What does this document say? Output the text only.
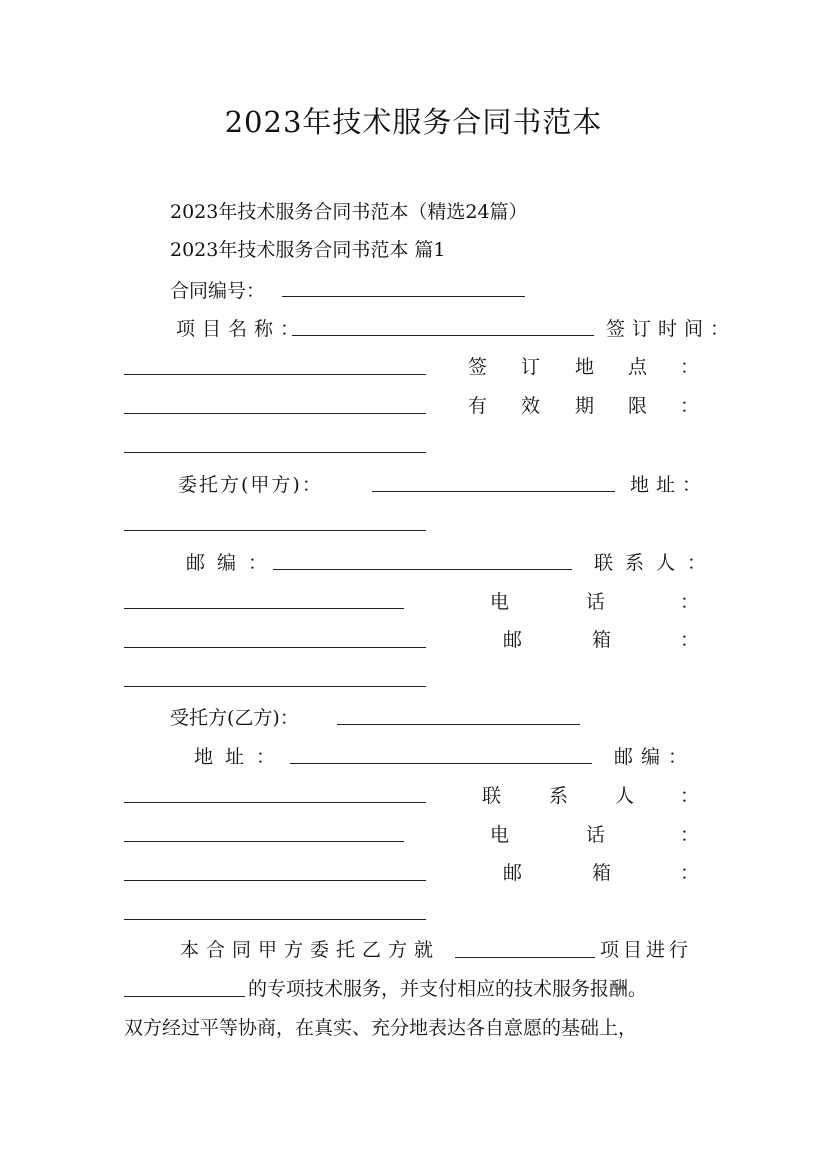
2023年技术服务合同书范本
2023年技术服务合同书范本（精选24篇）
2023年技术服务合同书范本 篇1
合同编号：
项目名称：	签订时间：
签 订 地 点 ：
有 效 期 限 ：
委托方(甲方)：	地址：
邮编：	联系人：
电	话	：
邮	箱	：
受托方(乙方)：
地址：	邮编：
联	系 人 ：
电	话	：
邮	箱	：
本合同甲方委托乙方就	项目进行
的专项技术服务，并支付相应的技术服务报酬。
双方经过平等协商，在真实、充分地表达各自意愿的基础上，
